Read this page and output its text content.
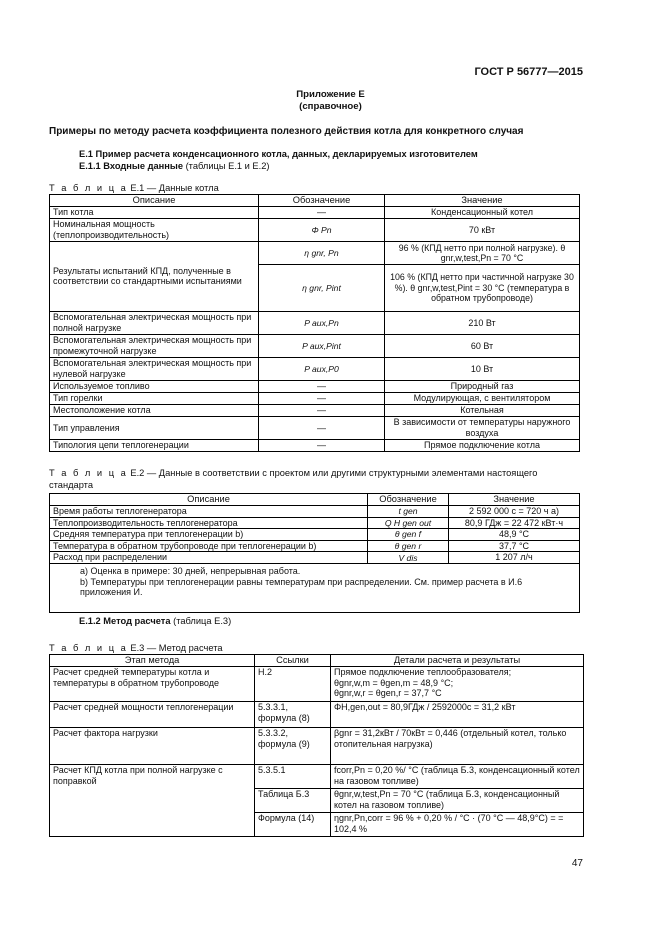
ГОСТ Р 56777—2015
Приложение Е
(справочное)
Примеры по методу расчета коэффициента полезного действия котла для конкретного случая
Е.1 Пример расчета конденсационного котла, данных, декларируемых изготовителем
Е.1.1 Входные данные (таблицы Е.1 и Е.2)
Т а б л и ц а Е.1 — Данные котла
Описание	Обозначение	Значение
Тип котла	—	Конденсационный котел
Номинальная мощность (теплопроизводительность)	Φ Pn	70 кВт
Результаты испытаний КПД, полученные в соответствии со стандартными испытаниями	η gnr, Pn	96 % (КПД нетто при полной нагрузке). θ gnr,w,test,Pn = 70 °C
	η gnr, Pint	106 % (КПД нетто при частичной нагрузке 30 %). θ gnr,w,test,Pint = 30 °C (температура в обратном трубопроводе)
Вспомогательная электрическая мощность при полной нагрузке	P aux,Pn	210 Вт
Вспомогательная электрическая мощность при промежуточной нагрузке	P aux,Pint	60 Вт
Вспомогательная электрическая мощность при нулевой нагрузке	P aux,P0	10 Вт
Используемое топливо	—	Природный газ
Тип горелки	—	Модулирующая, с вентилятором
Местоположение котла	—	Котельная
Тип управления	—	В зависимости от температуры наружного воздуха
Типология цепи теплогенерации	—	Прямое подключение котла
Т а б л и ц а Е.2 — Данные в соответствии с проектом или другими структурными элементами настоящего стандарта
Описание	Обозначение	Значение
Время работы теплогенератора	t gen	2 592 000 с = 720 ч a)
Теплопроизводительность теплогенератора	Q H gen out	80,9 ГДж = 22 472 кВт·ч
Средняя температура при теплогенерации b)	θ gen f	48,9 °C
Температура в обратном трубопроводе при теплогенерации b)	θ gen r	37,7 °C
Расход при распределении	V dis	1 207 л/ч

a) Оценка в примере: 30 дней, непрерывная работа.
b) Температуры при теплогенерации равны температурам при распределении. См. пример расчета в И.6 приложения И.		
Е.1.2 Метод расчета (таблица Е.3)
Т а б л и ц а Е.3 — Метод расчета
Этап метода	Ссылки	Детали расчета и результаты
Расчет средней температуры котла и температуры в обратном трубопроводе	Н.2	Прямое подключение теплообразователя;
θgnr,w,m = θgen,m = 48,9 °C;
θgnr,w,r = θgen,r = 37,7 °C

Расчет средней мощности теплогенерации	5.3.3.1, формула (8)	ΦH,gen,out = 80,9ГДж / 2592000с = 31,2 кВт
Расчет фактора нагрузки	5.3.3.2, формула (9)	βgnr = 31,2кВт / 70кВт = 0,446 (отдельный котел, только
отопительная нагрузка)

Расчет КПД котла при полной нагрузке с поправкой	5.3.5.1	fcorr,Pn = 0,20 %/ °C (таблица Б.3, конденсационный котел на газовом топливе)
	Таблица Б.3	θgnr,w,test,Pn = 70 °C (таблица Б.3, конденсационный котел на газовом топливе)
	Формула (14)	ηgnr,Pn,corr = 96 % + 0,20 % / °C · (70 °C — 48,9°C) = = 102,4 %
47
